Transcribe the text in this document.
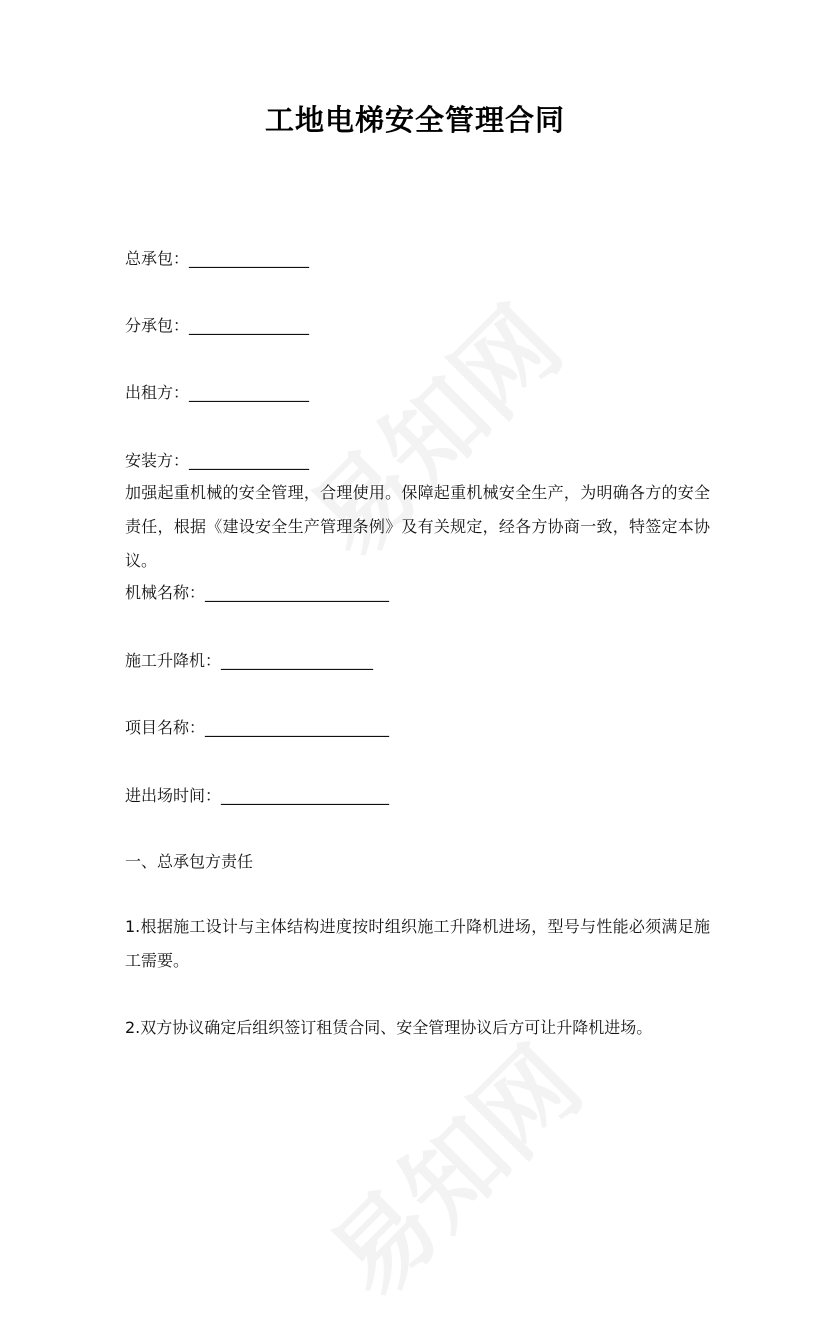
工地电梯安全管理合同
总承包：_______________
分承包：_______________
出租方：_______________
安装方：_______________
加强起重机械的安全管理，合理使用。保障起重机械安全生产，为明确各方的安全责任，根据《建设安全生产管理条例》及有关规定，经各方协商一致，特签定本协议。
机械名称：_______________________
施工升降机：___________________
项目名称：_______________________
进出场时间：_____________________
一、总承包方责任
1.根据施工设计与主体结构进度按时组织施工升降机进场，型号与性能必须满足施工需要。
2.双方协议确定后组织签订租赁合同、安全管理协议后方可让升降机进场。
